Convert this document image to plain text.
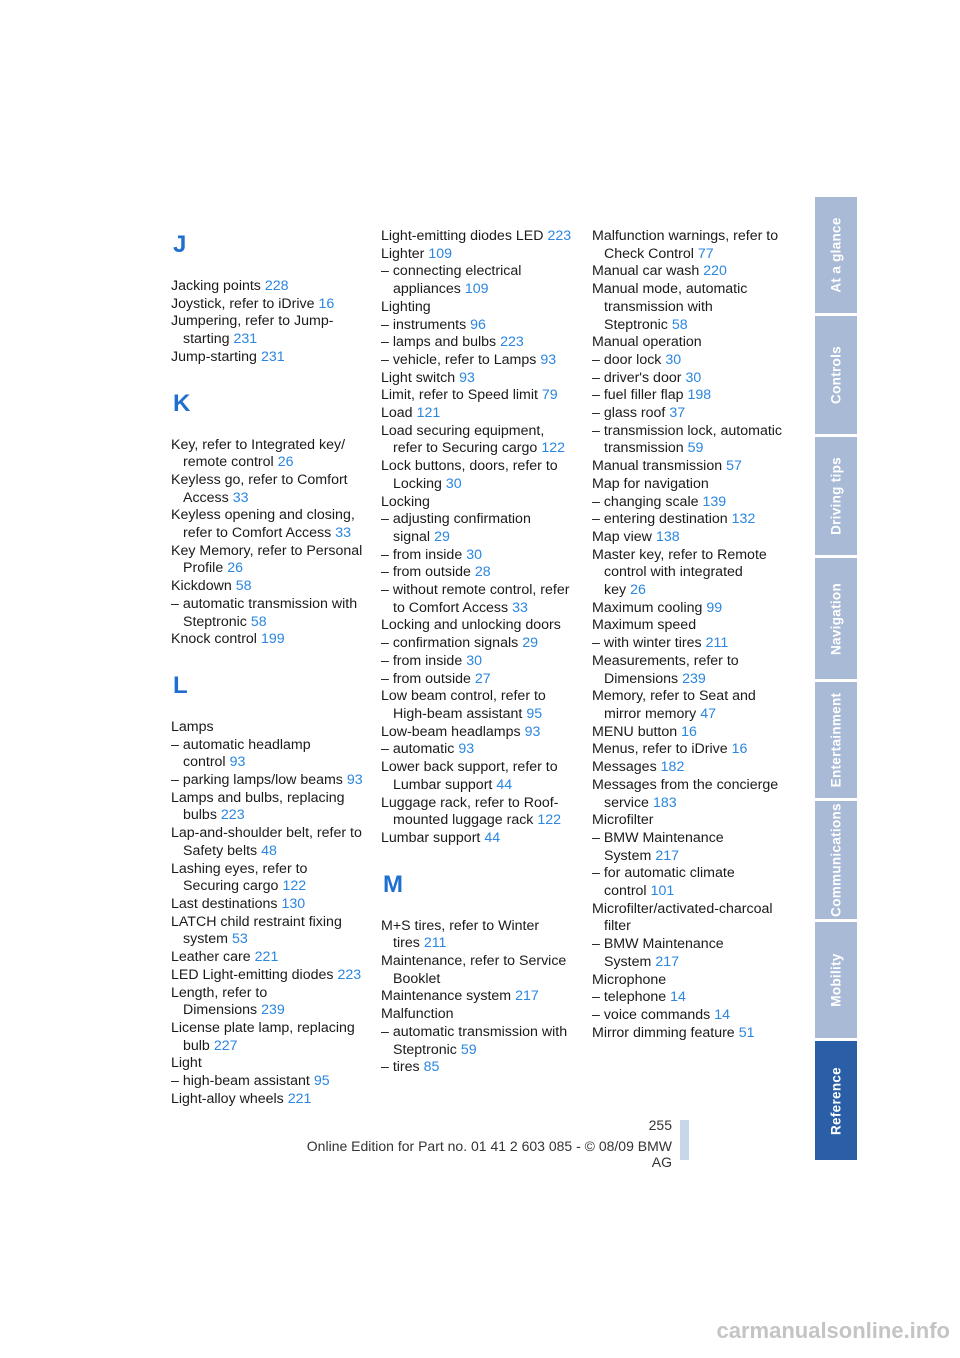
J
Jacking points 228
Joystick, refer to iDrive 16
Jumpering, refer to Jump-starting 231
Jump-starting 231
K
Key, refer to Integrated key/ remote control 26
Keyless go, refer to Comfort Access 33
Keyless opening and closing, refer to Comfort Access 33
Key Memory, refer to Personal Profile 26
Kickdown 58
– automatic transmission with Steptronic 58
Knock control 199
L
Lamps
– automatic headlamp control 93
– parking lamps/low beams 93
Lamps and bulbs, replacing bulbs 223
Lap-and-shoulder belt, refer to Safety belts 48
Lashing eyes, refer to Securing cargo 122
Last destinations 130
LATCH child restraint fixing system 53
Leather care 221
LED Light-emitting diodes 223
Length, refer to Dimensions 239
License plate lamp, replacing bulb 227
Light
– high-beam assistant 95
Light-alloy wheels 221
Light-emitting diodes LED 223
Lighter 109
– connecting electrical appliances 109
Lighting
– instruments 96
– lamps and bulbs 223
– vehicle, refer to Lamps 93
Light switch 93
Limit, refer to Speed limit 79
Load 121
Load securing equipment, refer to Securing cargo 122
Lock buttons, doors, refer to Locking 30
Locking
– adjusting confirmation signal 29
– from inside 30
– from outside 28
– without remote control, refer to Comfort Access 33
Locking and unlocking doors
– confirmation signals 29
– from inside 30
– from outside 27
Low beam control, refer to High-beam assistant 95
Low-beam headlamps 93
– automatic 93
Lower back support, refer to Lumbar support 44
Luggage rack, refer to Roof-mounted luggage rack 122
Lumbar support 44
M
M+S tires, refer to Winter tires 211
Maintenance, refer to Service Booklet
Maintenance system 217
Malfunction
– automatic transmission with Steptronic 59
– tires 85
Malfunction warnings, refer to Check Control 77
Manual car wash 220
Manual mode, automatic transmission with Steptronic 58
Manual operation
– door lock 30
– driver's door 30
– fuel filler flap 198
– glass roof 37
– transmission lock, automatic transmission 59
Manual transmission 57
Map for navigation
– changing scale 139
– entering destination 132
Map view 138
Master key, refer to Remote control with integrated key 26
Maximum cooling 99
Maximum speed
– with winter tires 211
Measurements, refer to Dimensions 239
Memory, refer to Seat and mirror memory 47
MENU button 16
Menus, refer to iDrive 16
Messages 182
Messages from the concierge service 183
Microfilter
– BMW Maintenance System 217
– for automatic climate control 101
Microfilter/activated-charcoal filter
– BMW Maintenance System 217
Microphone
– telephone 14
– voice commands 14
Mirror dimming feature 51
At a glance
Controls
Driving tips
Navigation
Entertainment
Communications
Mobility
Reference
255
Online Edition for Part no. 01 41 2 603 085 - © 08/09 BMW AG
carmanualsonline.info
